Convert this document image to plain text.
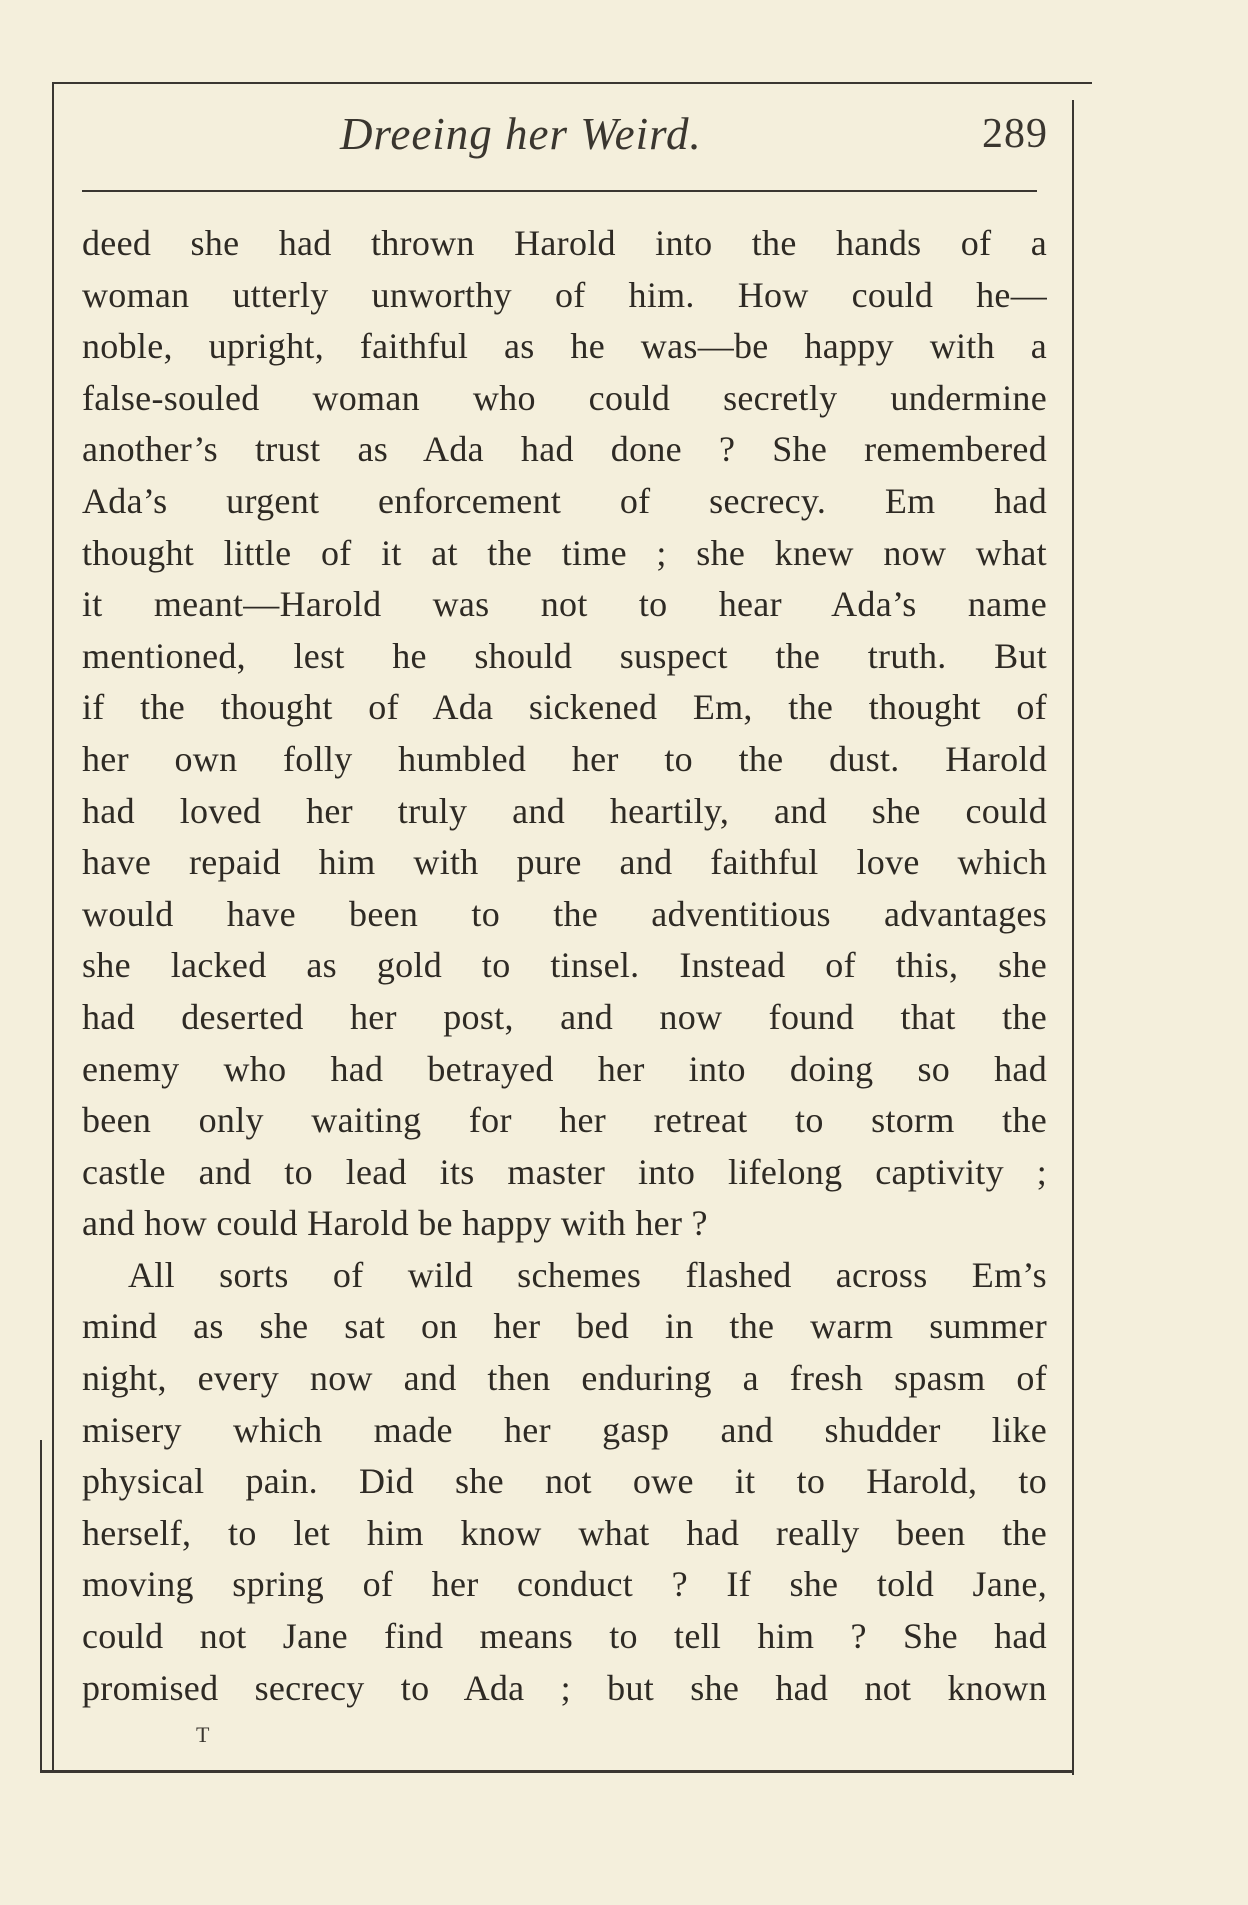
Dreeing her Weird.	289
deed she had thrown Harold into the hands of a
woman utterly unworthy of him. How could he—
noble, upright, faithful as he was—be happy with a
false-souled woman who could secretly undermine
another’s trust as Ada had done ? She remembered
Ada’s urgent enforcement of secrecy. Em had
thought little of it at the time ; she knew now what
it meant—Harold was not to hear Ada’s name
mentioned, lest he should suspect the truth. But
if the thought of Ada sickened Em, the thought of
her own folly humbled her to the dust. Harold
had loved her truly and heartily, and she could
have repaid him with pure and faithful love which
would have been to the adventitious advantages
she lacked as gold to tinsel. Instead of this, she
had deserted her post, and now found that the
enemy who had betrayed her into doing so had
been only waiting for her retreat to storm the
castle and to lead its master into lifelong captivity ;
and how could Harold be happy with her ?
All sorts of wild schemes flashed across Em’s
mind as she sat on her bed in the warm summer
night, every now and then enduring a fresh spasm of
misery which made her gasp and shudder like
physical pain. Did she not owe it to Harold, to
herself, to let him know what had really been the
moving spring of her conduct ? If she told Jane,
could not Jane find means to tell him ? She had
promised secrecy to Ada ; but she had not known
T
